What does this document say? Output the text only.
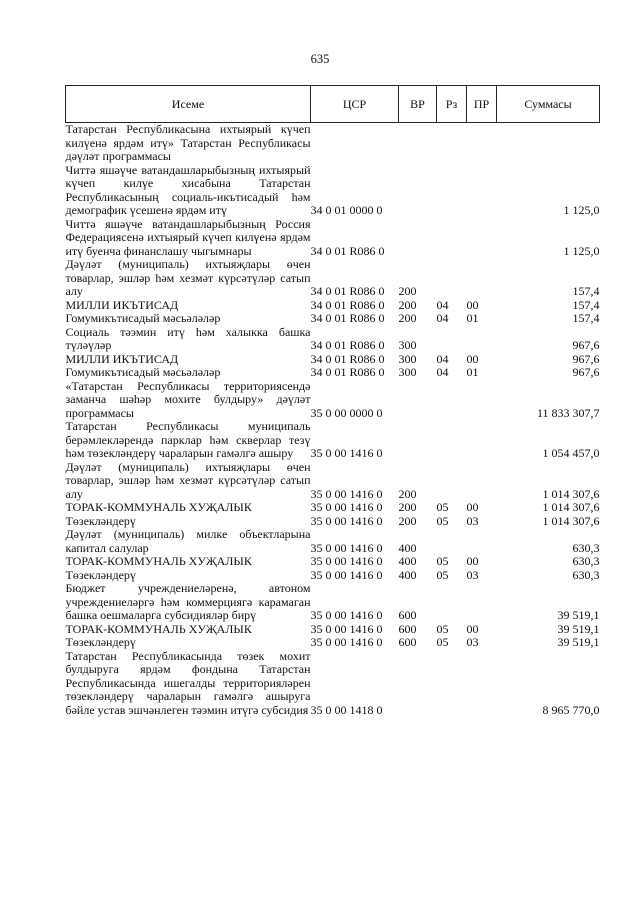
635
Исеме	ЦСР	ВР	Рз	ПР	Суммасы
Татарстан Республикасына ихтыярый күчеп килүенә ярдәм итү» Татарстан Республикасы дәүләт программасы					
Читтә яшәүче ватандашларыбызның ихтыярый күчеп килүе хисабына Татарстан Республикасының социаль-икътисадый һәм демографик үсешенә ярдәм итү	34 0 01 0000 0				1 125,0
Читтә яшәүче ватандашларыбызның Россия Федерациясенә ихтыярый күчеп килүенә ярдәм итү буенча финанслашу чыгымнары	34 0 01 R086 0				1 125,0
Дәүләт (муниципаль) ихтыяҗлары өчен товарлар, эшләр һәм хезмәт күрсәтүләр сатып алу	34 0 01 R086 0	200			157,4
МИЛЛИ ИКЪТИСАД	34 0 01 R086 0	200	04	00	157,4
Гомумикътисадый мәсьәләләр	34 0 01 R086 0	200	04	01	157,4
Социаль тәэмин итү һәм халыкка башка түләүләр	34 0 01 R086 0	300			967,6
МИЛЛИ ИКЪТИСАД	34 0 01 R086 0	300	04	00	967,6
Гомумикътисадый мәсьәләләр	34 0 01 R086 0	300	04	01	967,6
«Татарстан Республикасы территориясендә заманча шәһәр мохите булдыру» дәүләт программасы	35 0 00 0000 0				11 833 307,7
Татарстан Республикасы муниципаль берәмлекләрендә парклар һәм скверлар тезү һәм төзекләндерү чараларын гамәлгә ашыру	35 0 00 1416 0				1 054 457,0
Дәүләт (муниципаль) ихтыяҗлары өчен товарлар, эшләр һәм хезмәт күрсәтүләр сатып алу	35 0 00 1416 0	200			1 014 307,6
ТОРАК-КОММУНАЛЬ ХУҖАЛЫК	35 0 00 1416 0	200	05	00	1 014 307,6
Төзекләндерү	35 0 00 1416 0	200	05	03	1 014 307,6
Дәүләт (муниципаль) милке объектларына капитал салулар	35 0 00 1416 0	400			630,3
ТОРАК-КОММУНАЛЬ ХУҖАЛЫК	35 0 00 1416 0	400	05	00	630,3
Төзекләндерү	35 0 00 1416 0	400	05	03	630,3
Бюджет учреждениеләренә, автоном учреждениеләргә һәм коммерциягә карамаган башка оешмаларга субсидияләр бирү	35 0 00 1416 0	600			39 519,1
ТОРАК-КОММУНАЛЬ ХУҖАЛЫК	35 0 00 1416 0	600	05	00	39 519,1
Төзекләндерү	35 0 00 1416 0	600	05	03	39 519,1
Татарстан Республикасында төзек мохит булдыруга ярдәм фондына Татарстан Республикасында ишегалды территорияләрен төзекләндерү чараларын гамәлгә ашыруга бәйле устав эшчәнлеген тәэмин итүгә субсидия	35 0 00 1418 0				8 965 770,0
